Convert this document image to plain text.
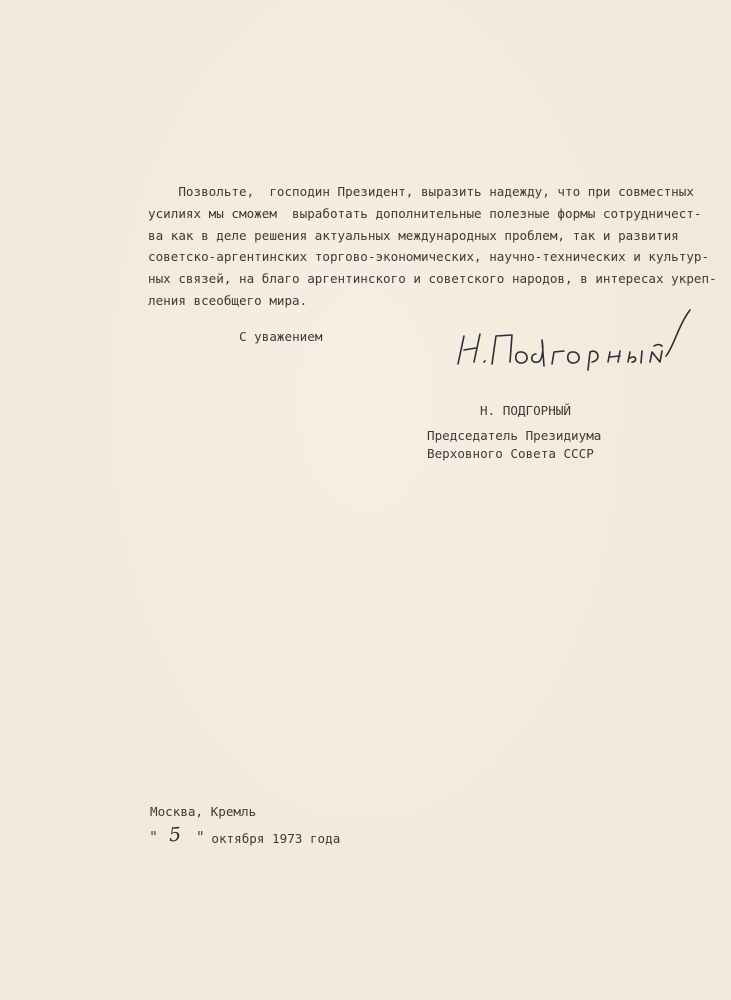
Позвольте,  господин Президент, выразить надежду, что при совместных
усилиях мы сможем  выработать дополнительные полезные формы сотрудничест-
ва как в деле решения актуальных международных проблем, так и развития
советско-аргентинских торгово-экономических, научно-технических и культур-
ных связей, на благо аргентинского и советского народов, в интересах укреп-
ления всеобщего мира.
С уважением
Н. ПОДГОРНЫЙ
Председатель Президиума
Верховного Совета СССР
Москва, Кремль
" 5	" октября 1973 года
